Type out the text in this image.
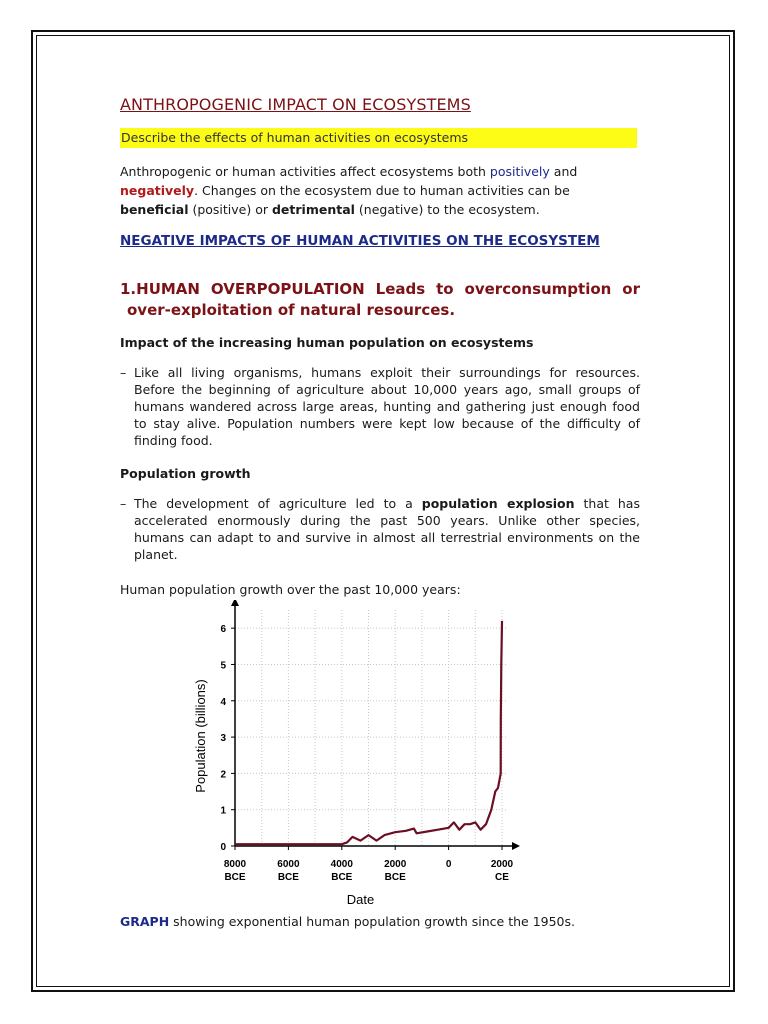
ANTHROPOGENIC IMPACT ON ECOSYSTEMS
Describe the effects of human activities on ecosystems

Anthropogenic or human activities affect ecosystems both positively and negatively. Changes on the ecosystem due to human activities can be beneficial (positive) or detrimental (negative) to the ecosystem.

NEGATIVE IMPACTS OF HUMAN ACTIVITIES ON THE ECOSYSTEM
1.HUMAN OVERPOPULATION Leads to overconsumption or over-exploitation of natural resources.
Impact of the increasing human population on ecosystems
– Like all living organisms, humans exploit their surroundings for resources. Before the beginning of agriculture about 10,000 years ago, small groups of humans wandered across large areas, hunting and gathering just enough food to stay alive. Population numbers were kept low because of the difficulty of finding food.
Population growth
– The development of agriculture led to a population explosion that has accelerated enormously during the past 500 years. Unlike other species, humans can adapt to and survive in almost all terrestrial environments on the planet.

Human population growth over the past 10,000 years:

0
1
2
3
4
5
6
8000
BCE
6000
BCE
4000
BCE
2000
BCE
0	2000
CE
Date
Population (billions)
GRAPH showing exponential human population growth since the 1950s.
